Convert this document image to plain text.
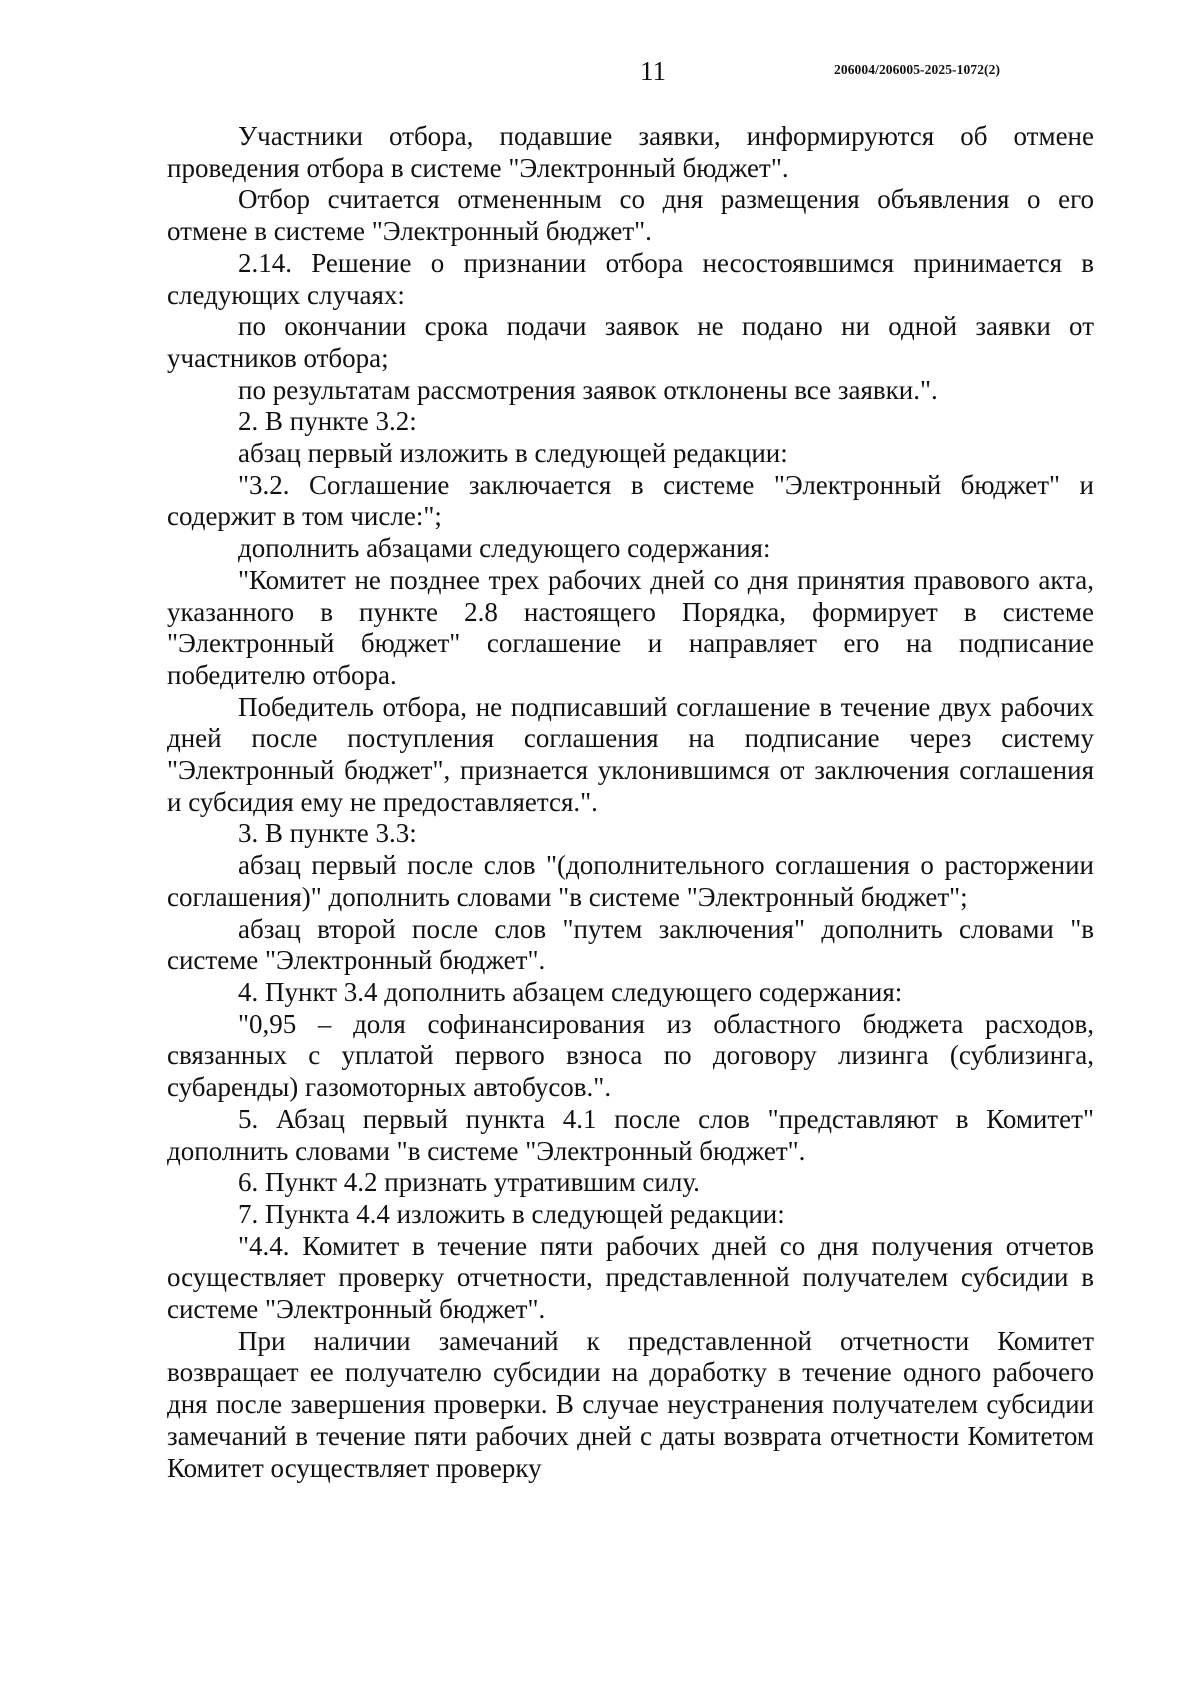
11	206004/206005-2025-1072(2)

Участники отбора, подавшие заявки, информируются об отмене проведения отбора в системе "Электронный бюджет".

Отбор считается отмененным со дня размещения объявления о его отмене в системе "Электронный бюджет".

2.14. Решение о признании отбора несостоявшимся принимается в следующих случаях:

по окончании срока подачи заявок не подано ни одной заявки от участников отбора;

по результатам рассмотрения заявок отклонены все заявки.".

2. В пункте 3.2:

абзац первый изложить в следующей редакции:

"3.2. Соглашение заключается в системе "Электронный бюджет" и содержит в том числе:";

дополнить абзацами следующего содержания:

"Комитет не позднее трех рабочих дней со дня принятия правового акта, указанного в пункте 2.8 настоящего Порядка, формирует в системе "Электронный бюджет" соглашение и направляет его на подписание победителю отбора.

Победитель отбора, не подписавший соглашение в течение двух рабочих дней после поступления соглашения на подписание через систему "Электронный бюджет", признается уклонившимся от заключения соглашения и субсидия ему не предоставляется.".

3. В пункте 3.3:

абзац первый после слов "(дополнительного соглашения о расторжении соглашения)" дополнить словами "в системе "Электронный бюджет";

абзац второй после слов "путем заключения" дополнить словами "в системе "Электронный бюджет".

4. Пункт 3.4 дополнить абзацем следующего содержания:

"0,95 – доля софинансирования из областного бюджета расходов, связанных с уплатой первого взноса по договору лизинга (сублизинга, субаренды) газомоторных автобусов.".

5. Абзац первый пункта 4.1 после слов "представляют в Комитет" дополнить словами "в системе "Электронный бюджет".

6. Пункт 4.2 признать утратившим силу.

7. Пункта 4.4 изложить в следующей редакции:

"4.4. Комитет в течение пяти рабочих дней со дня получения отчетов осуществляет проверку отчетности, представленной получателем субсидии в системе "Электронный бюджет".

При наличии замечаний к представленной отчетности Комитет возвращает ее получателю субсидии на доработку в течение одного рабочего дня после завершения проверки. В случае неустранения получателем субсидии замечаний в течение пяти рабочих дней с даты возврата отчетности Комитетом Комитет осуществляет проверку
